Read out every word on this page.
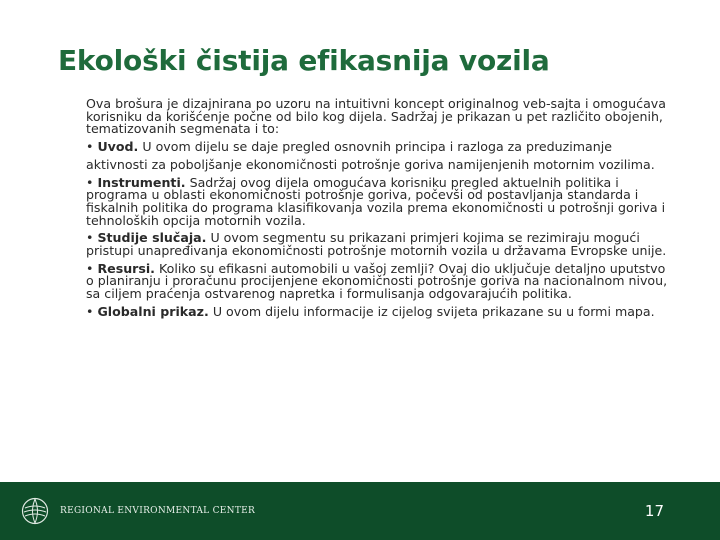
Ekološki čistija efikasnija vozila

Ova brošura je dizajnirana po uzoru na intuitivni koncept originalnog veb-sajta i omogućava korisniku da korišćenje počne od bilo kog dijela. Sadržaj je prikazan u pet različito obojenih, tematizovanih segmenata i to:

• Uvod. U ovom dijelu se daje pregled osnovnih principa i razloga za preduzimanje

aktivnosti za poboljšanje ekonomičnosti potrošnje goriva namijenjenih motornim vozilima.

• Instrumenti. Sadržaj ovog dijela omogućava korisniku pregled aktuelnih politika i programa u oblasti ekonomičnosti potrošnje goriva, počevši od postavljanja standarda i fiskalnih politika do programa klasifikovanja vozila prema ekonomičnosti u potrošnji goriva i tehnoloških opcija motornih vozila.

• Studije slučaja. U ovom segmentu su prikazani primjeri kojima se rezimiraju mogući pristupi unapređivanja ekonomičnosti potrošnje motornih vozila u državama Evropske unije.

• Resursi. Koliko su efikasni automobili u vašoj zemlji? Ovaj dio uključuje detaljno uputstvo o planiranju i proračunu procijenjene ekonomičnosti potrošnje goriva na nacionalnom nivou, sa ciljem praćenja ostvarenog napretka i formulisanja odgovarajućih politika.

• Globalni prikaz. U ovom dijelu informacije iz cijelog svijeta prikazane su u formi mapa.

REGIONAL ENVIRONMENTAL CENTER	17
